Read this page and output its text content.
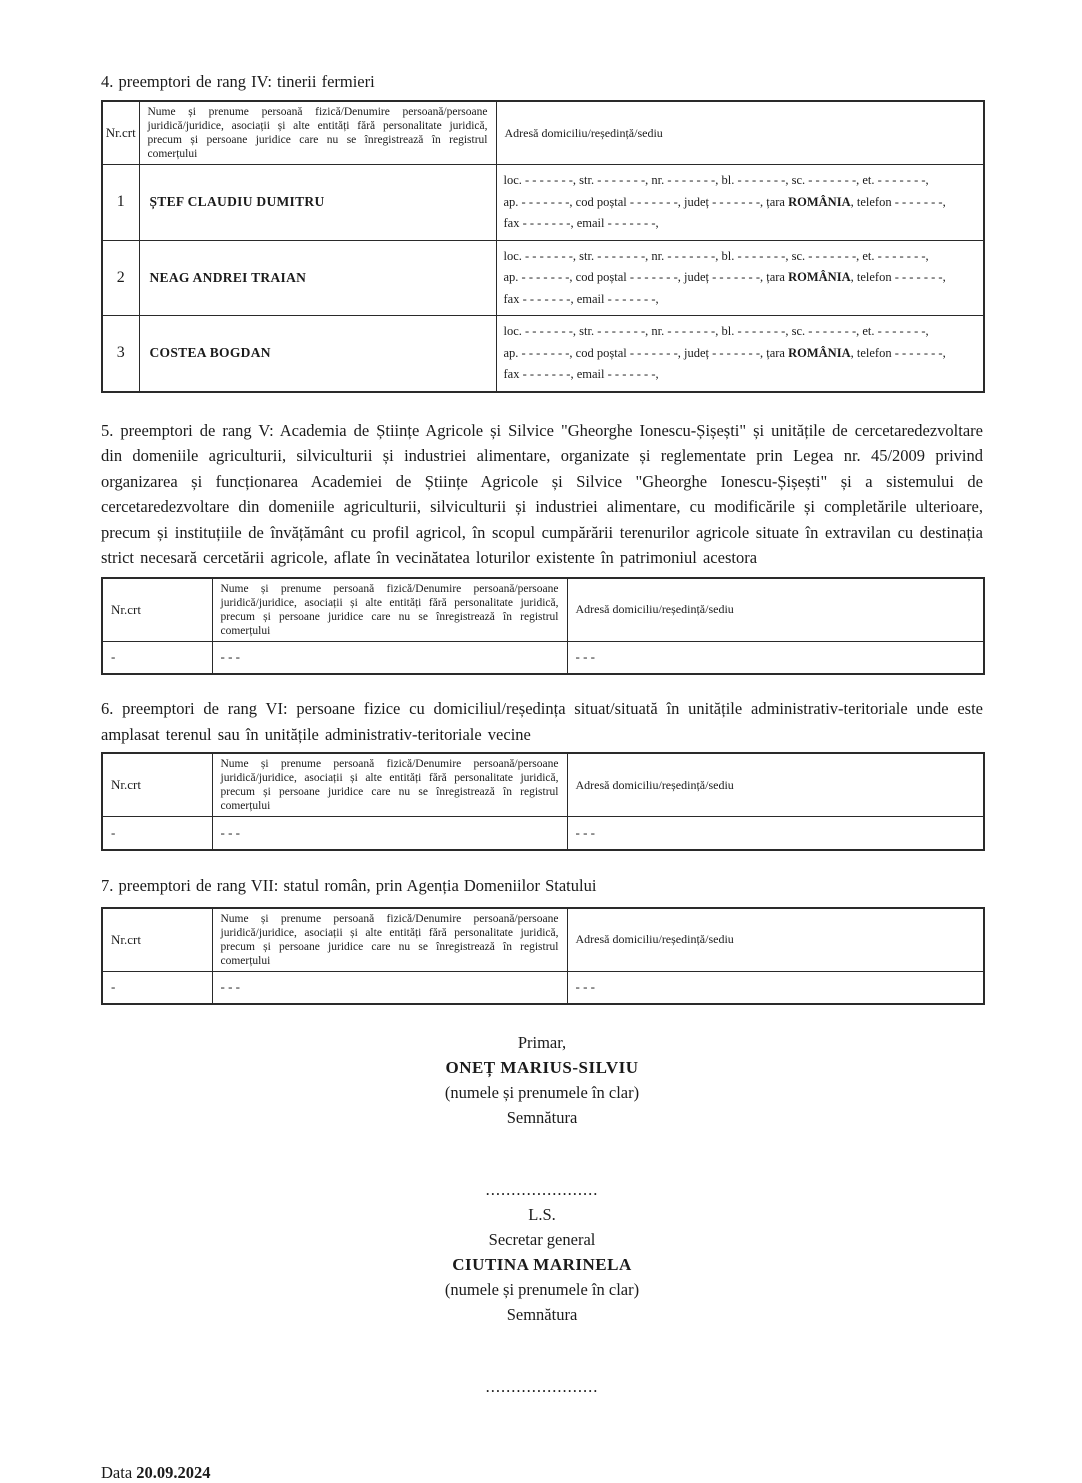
4. preemptori de rang IV: tinerii fermieri

Nr.crt	Nume și prenume persoană fizică/Denumire persoană/persoane juridică/juridice, asociații și alte entități fără personalitate juridică, precum și persoane juridice care nu se înregistrează în registrul comerțului	Adresă domiciliu/reședință/sediu
1	ȘTEF CLAUDIU DUMITRU	loc. - - - - - - -, str. - - - - - - -, nr. - - - - - - -, bl. - - - - - - -, sc. - - - - - - -, et. - - - - - - -,
ap. - - - - - - -, cod poștal - - - - - - -, județ - - - - - - -, țara ROMÂNIA, telefon - - - - - - -,
fax - - - - - - -, email - - - - - - -,

2	NEAG ANDREI TRAIAN	loc. - - - - - - -, str. - - - - - - -, nr. - - - - - - -, bl. - - - - - - -, sc. - - - - - - -, et. - - - - - - -,
ap. - - - - - - -, cod poștal - - - - - - -, județ - - - - - - -, țara ROMÂNIA, telefon - - - - - - -,
fax - - - - - - -, email - - - - - - -,

3	COSTEA BOGDAN	loc. - - - - - - -, str. - - - - - - -, nr. - - - - - - -, bl. - - - - - - -, sc. - - - - - - -, et. - - - - - - -,
ap. - - - - - - -, cod poștal - - - - - - -, județ - - - - - - -, țara ROMÂNIA, telefon - - - - - - -,
fax - - - - - - -, email - - - - - - -,

5. preemptori de rang V: Academia de Științe Agricole și Silvice "Gheorghe Ionescu-Șișești" și unitățile de cercetaredezvoltare din domeniile agriculturii, silviculturii și industriei alimentare, organizate și reglementate prin Legea nr. 45/2009 privind organizarea și funcționarea Academiei de Științe Agricole și Silvice "Gheorghe Ionescu-Șișești" și a sistemului de cercetaredezvoltare din domeniile agriculturii, silviculturii și industriei alimentare, cu modificările și completările ulterioare, precum și instituțiile de învățământ cu profil agricol, în scopul cumpărării terenurilor agricole situate în extravilan cu destinația strict necesară cercetării agricole, aflate în vecinătatea loturilor existente în patrimoniul acestora

Nr.crt	Nume și prenume persoană fizică/Denumire persoană/persoane juridică/juridice, asociații și alte entități fără personalitate juridică, precum și persoane juridice care nu se înregistrează în registrul comerțului	Adresă domiciliu/reședință/sediu
-	- - -	- - -

6. preemptori de rang VI: persoane fizice cu domiciliul/reședința situat/situată în unitățile administrativ-teritoriale unde este amplasat terenul sau în unitățile administrativ-teritoriale vecine

Nr.crt	Nume și prenume persoană fizică/Denumire persoană/persoane juridică/juridice, asociații și alte entități fără personalitate juridică, precum și persoane juridice care nu se înregistrează în registrul comerțului	Adresă domiciliu/reședință/sediu
-	- - -	- - -

7. preemptori de rang VII: statul român, prin Agenția Domeniilor Statului

Nr.crt	Nume și prenume persoană fizică/Denumire persoană/persoane juridică/juridice, asociații și alte entități fără personalitate juridică, precum și persoane juridice care nu se înregistrează în registrul comerțului	Adresă domiciliu/reședință/sediu
-	- - -	- - -

Primar,

ONEȚ MARIUS-SILVIU

(numele și prenumele în clar)

Semnătura

......................

L.S.

Secretar general

CIUTINA MARINELA

(numele și prenumele în clar)

Semnătura

......................

Data 20.09.2024
